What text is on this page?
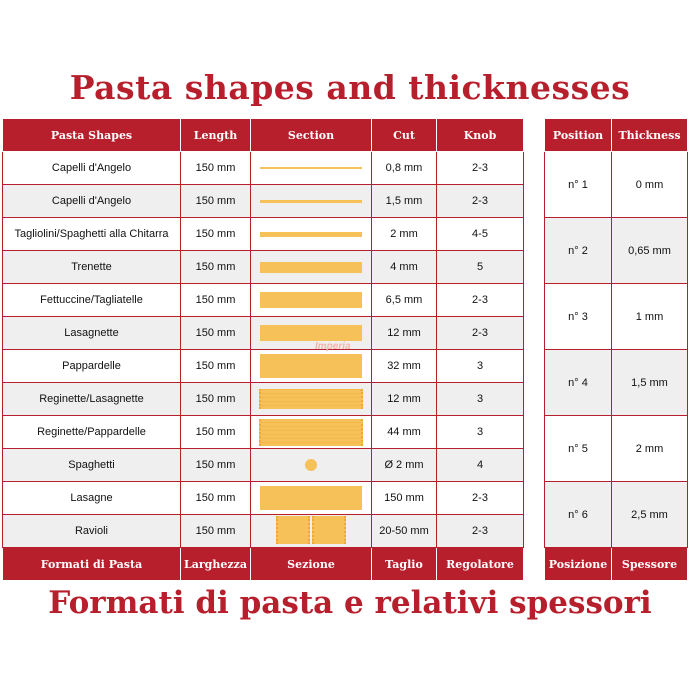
Pasta shapes and thicknesses
Pasta Shapes	Length	Section	Cut	Knob
Capelli d'Angelo	150 mm		0,8 mm	2-3
Capelli d'Angelo	150 mm		1,5 mm	2-3
Tagliolini/Spaghetti alla Chitarra	150 mm		2 mm	4-5
Trenette	150 mm		4 mm	5
Fettuccine/Tagliatelle	150 mm		6,5 mm	2-3
Lasagnette	150 mm		12 mm	2-3
Pappardelle	150 mm		32 mm	3
Reginette/Lasagnette	150 mm		12 mm	3
Reginette/Pappardelle	150 mm		44 mm	3
Spaghetti	150 mm		Ø 2 mm	4
Lasagne	150 mm		150 mm	2-3
Ravioli	150 mm		20-50 mm	2-3
Formati di Pasta	Larghezza	Sezione	Taglio	Regolatore
Position	Thickness
n° 1	0 mm
n° 2	0,65 mm
n° 3	1 mm
n° 4	1,5 mm
n° 5	2 mm
n° 6	2,5 mm
Posizione	Spessore
Imperia
Formati di pasta e relativi spessori
